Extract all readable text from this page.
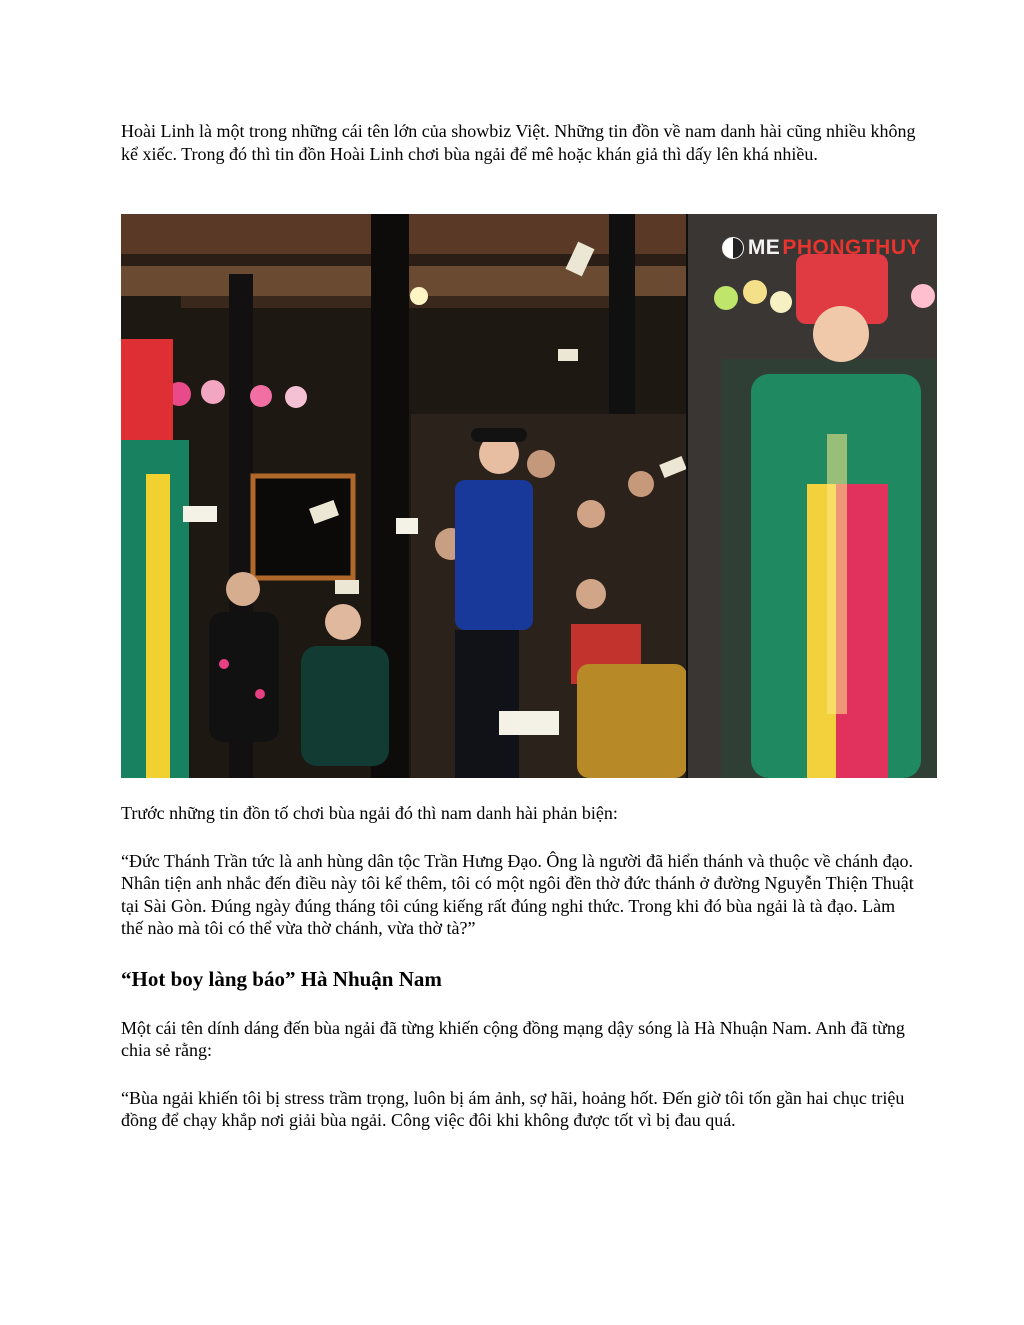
Hoài Linh là một trong những cái tên lớn của showbiz Việt. Những tin đồn về nam danh hài cũng nhiều không kể xiếc. Trong đó thì tin đồn Hoài Linh chơi bùa ngải để mê hoặc khán giả thì dấy lên khá nhiều.

ME PHONGTHUY

Trước những tin đồn tố chơi bùa ngải đó thì nam danh hài phản biện:

“Đức Thánh Trần tức là anh hùng dân tộc Trần Hưng Đạo. Ông là người đã hiển thánh và thuộc về chánh đạo. Nhân tiện anh nhắc đến điều này tôi kể thêm, tôi có một ngôi đền thờ đức thánh ở đường Nguyễn Thiện Thuật tại Sài Gòn. Đúng ngày đúng tháng tôi cúng kiếng rất đúng nghi thức. Trong khi đó bùa ngải là tà đạo. Làm thế nào mà tôi có thể vừa thờ chánh, vừa thờ tà?”

“Hot boy làng báo” Hà Nhuận Nam

Một cái tên dính dáng đến bùa ngải đã từng khiến cộng đồng mạng dậy sóng là Hà Nhuận Nam. Anh đã từng chia sẻ rằng:

“Bùa ngải khiến tôi bị stress trầm trọng, luôn bị ám ảnh, sợ hãi, hoảng hốt. Đến giờ tôi tốn gần hai chục triệu đồng để chạy khắp nơi giải bùa ngải. Công việc đôi khi không được tốt vì bị đau quá.
